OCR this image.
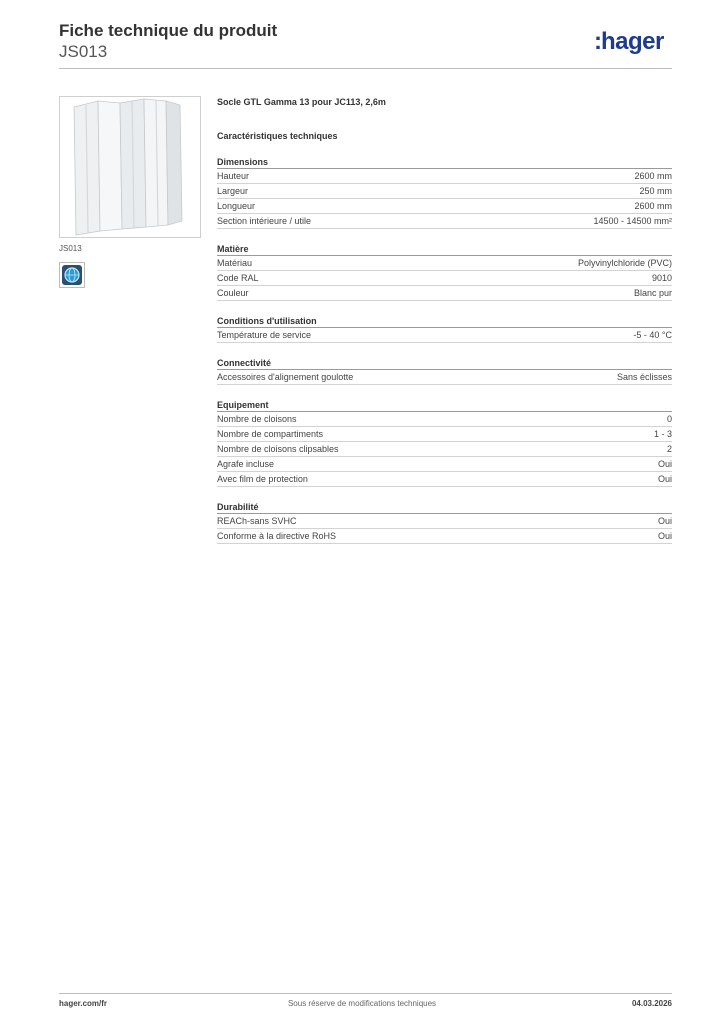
Fiche technique du produit

JS013	:hager
JS013
Socle GTL Gamma 13 pour JC113, 2,6m
Caractéristiques techniques
Dimensions
Hauteur	2600 mm
Largeur	250 mm
Longueur	2600 mm
Section intérieure / utile	14500 - 14500 mm²
Matière
Matériau	Polyvinylchloride (PVC)
Code RAL	9010
Couleur	Blanc pur
Conditions d'utilisation
Température de service	-5 - 40 °C
Connectivité
Accessoires d'alignement goulotte	Sans éclisses
Equipement
Nombre de cloisons	0
Nombre de compartiments	1 - 3
Nombre de cloisons clipsables	2
Agrafe incluse	Oui
Avec film de protection	Oui
Durabilité
REACh-sans SVHC	Oui
Conforme à la directive RoHS	Oui
hager.com/fr	Sous réserve de modifications techniques	04.03.2026
